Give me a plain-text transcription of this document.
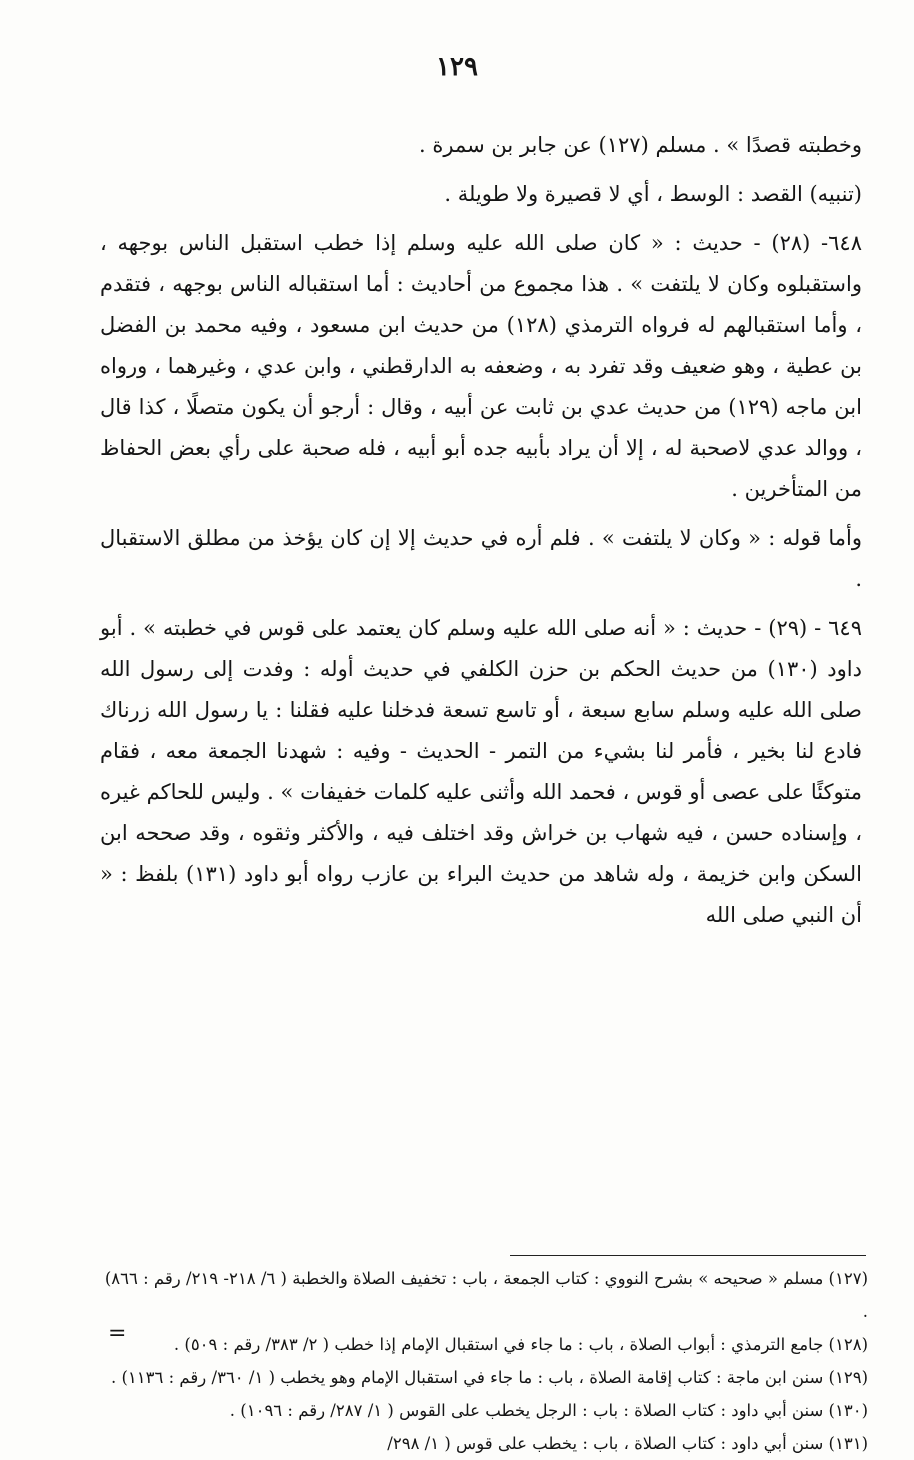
١٢٩

وخطبته قصدًا » . مسلم (١٢٧) عن جابر بن سمرة .

(تنبيه) القصد : الوسط ، أي لا قصيرة ولا طويلة .

٦٤٨- (٢٨) - حديث : « كان صلى الله عليه وسلم إذا خطب استقبل الناس بوجهه ، واستقبلوه وكان لا يلتفت » . هذا مجموع من أحاديث : أما استقباله الناس بوجهه ، فتقدم ، وأما استقبالهم له فرواه الترمذي (١٢٨) من حديث ابن مسعود ، وفيه محمد بن الفضل بن عطية ، وهو ضعيف وقد تفرد به ، وضعفه به الدارقطني ، وابن عدي ، وغيرهما ، ورواه ابن ماجه (١٢٩) من حديث عدي بن ثابت عن أبيه ، وقال : أرجو أن يكون متصلًا ، كذا قال ، ووالد عدي لاصحبة له ، إلا أن يراد بأبيه جده أبو أبيه ، فله صحبة على رأي بعض الحفاظ من المتأخرين .

وأما قوله : « وكان لا يلتفت » . فلم أره في حديث إلا إن كان يؤخذ من مطلق الاستقبال .

٦٤٩ - (٢٩) - حديث : « أنه صلى الله عليه وسلم كان يعتمد على قوس في خطبته » . أبو داود (١٣٠) من حديث الحكم بن حزن الكلفي في حديث أوله : وفدت إلى رسول الله صلى الله عليه وسلم سابع سبعة ، أو تاسع تسعة فدخلنا عليه فقلنا : يا رسول الله زرناك فادع لنا بخير ، فأمر لنا بشيء من التمر - الحديث - وفيه : شهدنا الجمعة معه ، فقام متوكئًا على عصى أو قوس ، فحمد الله وأثنى عليه كلمات خفيفات » . وليس للحاكم غيره ، وإسناده حسن ، فيه شهاب بن خراش وقد اختلف فيه ، والأكثر وثقوه ، وقد صححه ابن السكن وابن خزيمة ، وله شاهد من حديث البراء بن عازب رواه أبو داود (١٣١) بلفظ : « أن النبي صلى الله

(١٢٧) مسلم « صحيحه » بشرح النووي : كتاب الجمعة ، باب : تخفيف الصلاة والخطبة ( ٦/ ٢١٨- ٢١٩/ رقم : ٨٦٦) .

(١٢٨) جامع الترمذي : أبواب الصلاة ، باب : ما جاء في استقبال الإمام إذا خطب ( ٢/ ٣٨٣/ رقم : ٥٠٩) .

(١٢٩) سنن ابن ماجة : كتاب إقامة الصلاة ، باب : ما جاء في استقبال الإمام وهو يخطب ( ١/ ٣٦٠/ رقم : ١١٣٦) .

(١٣٠) سنن أبي داود : كتاب الصلاة : باب : الرجل يخطب على القوس ( ١/ ٢٨٧/ رقم : ١٠٩٦) .

(١٣١) سنن أبي داود : كتاب الصلاة ، باب : يخطب على قوس ( ١/ ٢٩٨/

=
